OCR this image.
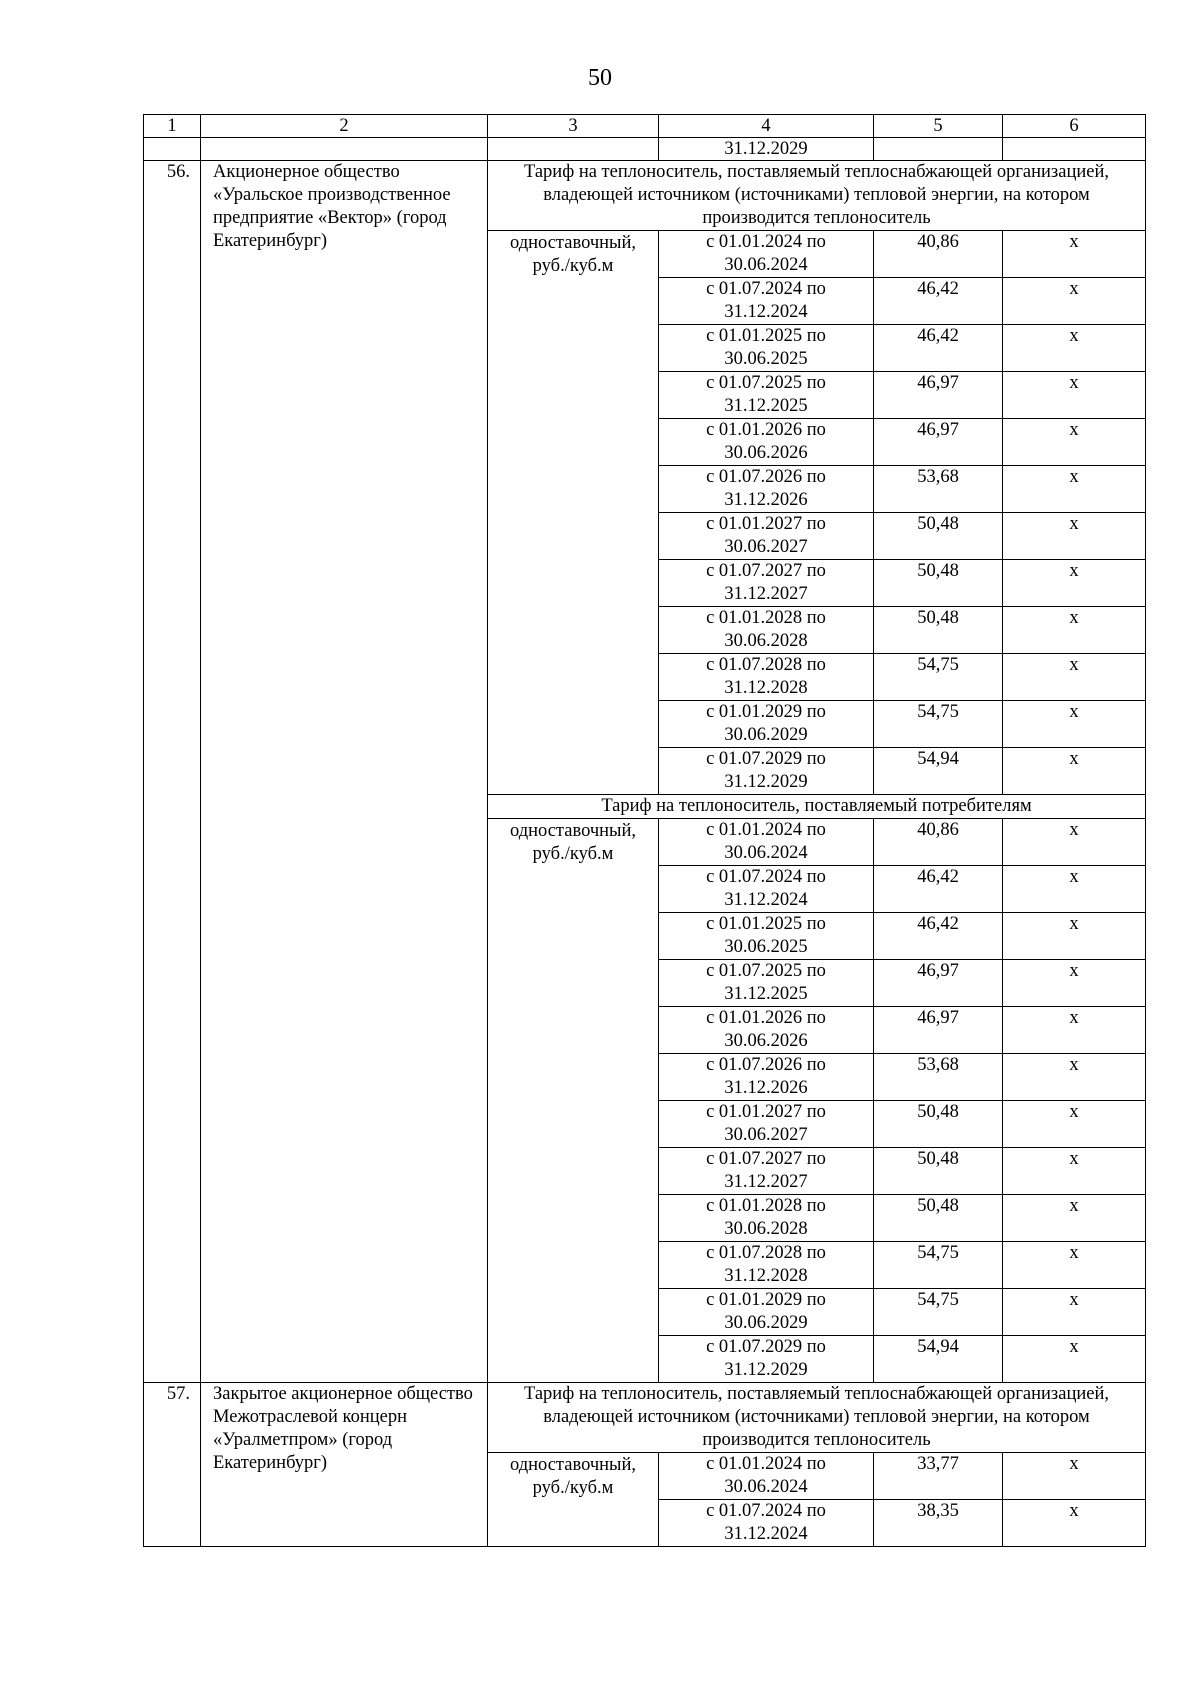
50
1	2	3	4	5	6
			31.12.2029		
56.	Акционерное общество «Уральское производственное предприятие «Вектор» (город Екатеринбург)	Тариф на теплоноситель, поставляемый теплоснабжающей организацией, владеющей источником (источниками) тепловой энергии, на котором производится теплоноситель			
		одноставочный, руб./куб.м	с 01.01.2024 по 30.06.2024	40,86	х
			с 01.07.2024 по 31.12.2024	46,42	х
			с 01.01.2025 по 30.06.2025	46,42	х
			с 01.07.2025 по 31.12.2025	46,97	х
			с 01.01.2026 по 30.06.2026	46,97	х
			с 01.07.2026 по 31.12.2026	53,68	х
			с 01.01.2027 по 30.06.2027	50,48	х
			с 01.07.2027 по 31.12.2027	50,48	х
			с 01.01.2028 по 30.06.2028	50,48	х
			с 01.07.2028 по 31.12.2028	54,75	х
			с 01.01.2029 по 30.06.2029	54,75	х
			с 01.07.2029 по 31.12.2029	54,94	х
		Тариф на теплоноситель, поставляемый потребителям			
		одноставочный, руб./куб.м	с 01.01.2024 по 30.06.2024	40,86	х
			с 01.07.2024 по 31.12.2024	46,42	х
			с 01.01.2025 по 30.06.2025	46,42	х
			с 01.07.2025 по 31.12.2025	46,97	х
			с 01.01.2026 по 30.06.2026	46,97	х
			с 01.07.2026 по 31.12.2026	53,68	х
			с 01.01.2027 по 30.06.2027	50,48	х
			с 01.07.2027 по 31.12.2027	50,48	х
			с 01.01.2028 по 30.06.2028	50,48	х
			с 01.07.2028 по 31.12.2028	54,75	х
			с 01.01.2029 по 30.06.2029	54,75	х
			с 01.07.2029 по 31.12.2029	54,94	х
57.	Закрытое акционерное общество Межотраслевой концерн «Уралметпром» (город Екатеринбург)	Тариф на теплоноситель, поставляемый теплоснабжающей организацией, владеющей источником (источниками) тепловой энергии, на котором производится теплоноситель			
		одноставочный, руб./куб.м	с 01.01.2024 по 30.06.2024	33,77	х
			с 01.07.2024 по 31.12.2024	38,35	х
